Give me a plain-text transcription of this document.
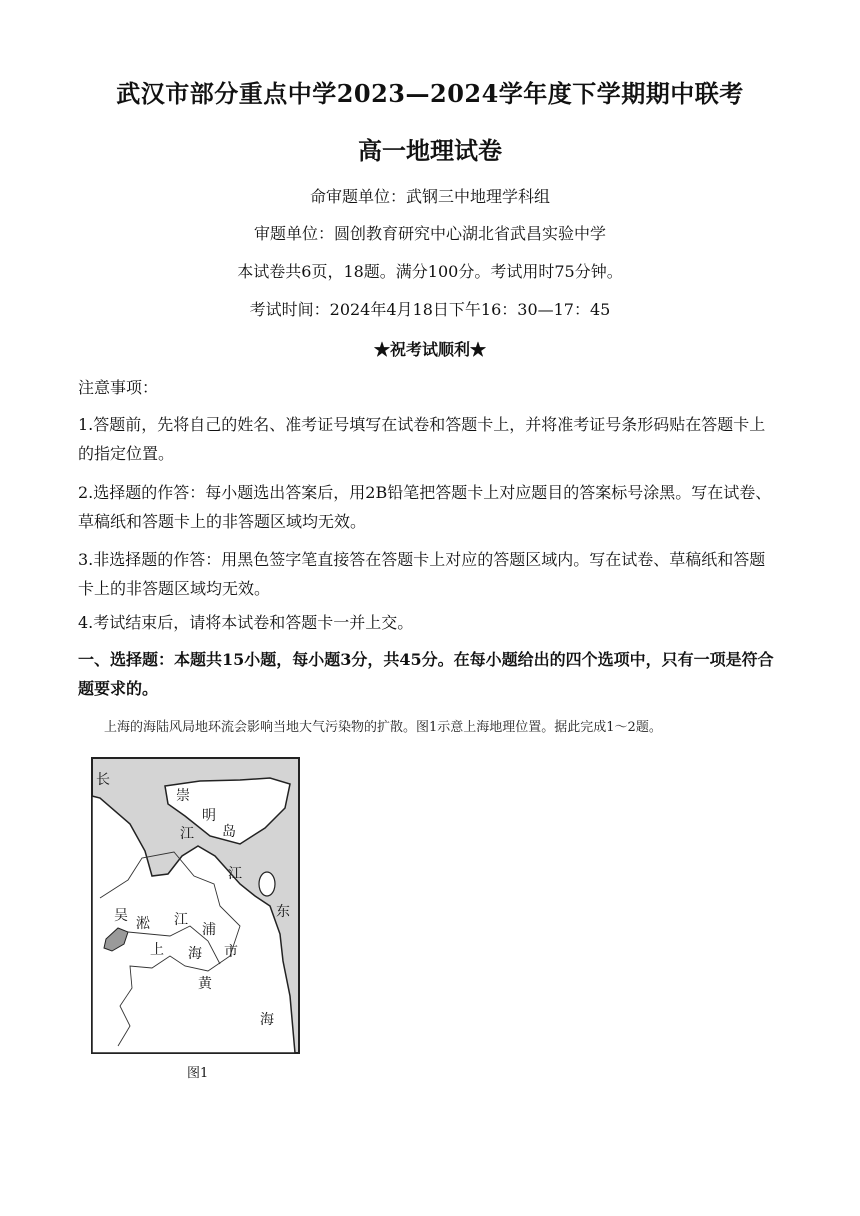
武汉市部分重点中学2023—2024学年度下学期期中联考
高一地理试卷
命审题单位：武钢三中地理学科组
审题单位：圆创教育研究中心湖北省武昌实验中学
本试卷共6页，18题。满分100分。考试用时75分钟。
考试时间：2024年4月18日下午16：30—17：45
★祝考试顺利★
注意事项：
1.答题前，先将自己的姓名、准考证号填写在试卷和答题卡上，并将准考证号条形码贴在答题卡上的指定位置。
2.选择题的作答：每小题选出答案后，用2B铅笔把答题卡上对应题目的答案标号涂黑。写在试卷、草稿纸和答题卡上的非答题区域均无效。
3.非选择题的作答：用黑色签字笔直接答在答题卡上对应的答题区域内。写在试卷、草稿纸和答题卡上的非答题区域均无效。
4.考试结束后，请将本试卷和答题卡一并上交。
一、选择题：本题共15小题，每小题3分，共45分。在每小题给出的四个选项中，只有一项是符合题要求的。
上海的海陆风局地环流会影响当地大气污染物的扩散。图1示意上海地理位置。据此完成1～2题。
长
崇
明
岛
江
江
东
吴 淞 江
浦
上 海 市
黄
海
图1
